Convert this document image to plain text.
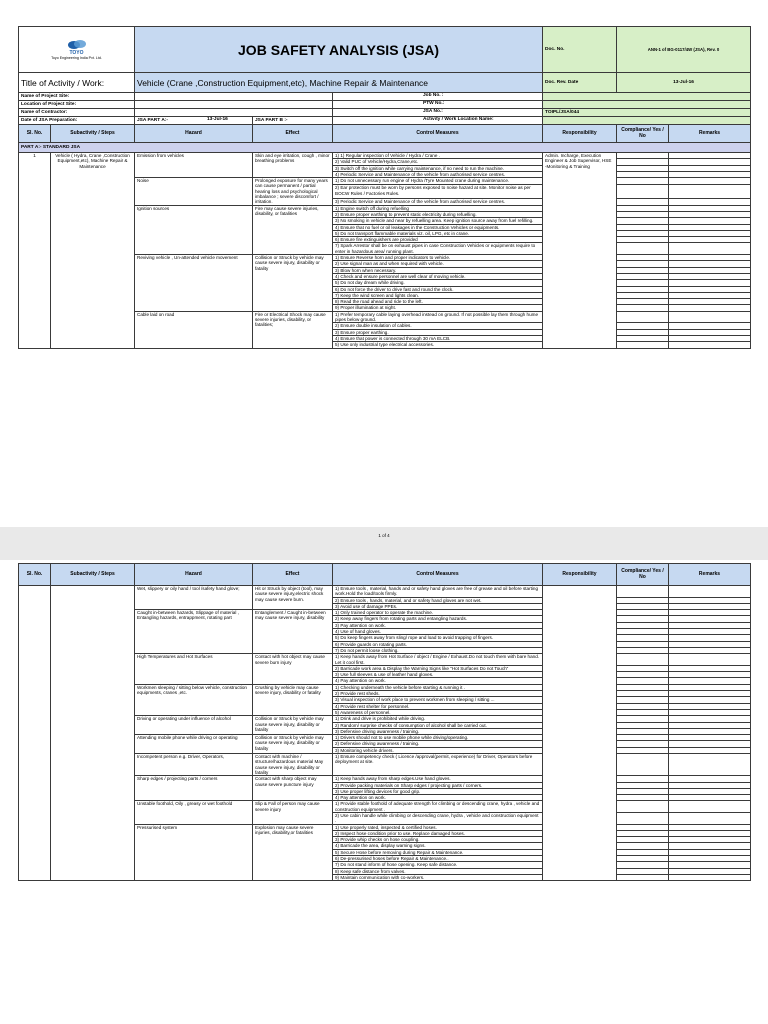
TOYO
Toyo Engineering India Pvt. Ltd.		JOB SAFETY ANALYSIS (JSA)			Doc. No.	ANN-1 of BG-0117/4W (JSA), Rev. 0	
Title of Activity / Work:		Vehicle (Crane ,Construction Equipment,etc), Machine Repair & Maintenance			Doc. Rev. Date	13-Jul-16	
Name of Project Site:				Job No. :			

Location of Project Site:				PTW No.:			

Name of Contractor:				JSA No.:	TOIPL/JSA/044		
Date of JSA Preparation:		JSA PART A:- 13-Jul-16	JSA PART B :-	Activity / Work Location Name:			

Sl. No.	Subactivity / Steps	Hazard	Effect	Control Measures	Responsibility	Compliance/ Yes / No	Remarks
PART A:- STANDARD JSA							
1	Vehicle ( Hydra, Crane ,Construction Equipment,etc), Machine Repair & Maintenance	Emission from vehicles	Skin and eye irritation, cough , minor breathing problems	1) 1) Regular inspection of Vehicle / Hydra / Crane .	Admin. Incharge, Execution Engineer & Job Supervisor, HSE -Monitoring & Training		
				2) Valid PUC of Vehicle/Hydra,Crane,etc.			
				3) Switch off the ignition while carrying maintenance, if no need to run the machine.			
				4) Periodic Service and Maintenance of the vehicle from authorised service centres.			
		Noise	Prolonged exposure for many years can cause permanent / partial hearing loss and psychological imbalance ; severe discomfort / irritation.	1) Do not unnecessary run engine of Hydra /Tyre Mounted crane during maintenance.			
				2) Ear protection must be worn by persons exposed to noise hazard at site. Monitor noise as per BOCW Rules / Factories Rules.			
				3) Periodic Service and Maintenance of the vehicle from authorised service centres.			
		Ignition sources	Fire may cause severe injuries, disability, or fatalities	1) Engine switch off during refuelling			
				2) Ensure proper earthing to prevent static electricity during refuelling.			
				3) No smoking in vehicle and near by refuelling area. Keep ignition source away from fuel refilling.			
				4) Ensure that no fuel or oil leakages in the Construction Vehicles or equipments.			
				5) Do not transport flammable materials viz. oil, LPG, etc in crane.			
				6) Ensure fire extinguishers are provided			
				7) Spark Arrestor shall be on exhaust pipes in case Construction Vehicles or equipments require to enter in hazardous area/ running plant.			
		Reviving vehicle , Un-attended vehicle movement	Collision or Struck by vehicle may cause severe injury, disability or fatality	1) Ensure Reverse horn and proper indicators to vehicle.			
				2) Use signal man as and when required with vehicle.			
				3) Blow horn when necessary.			
				4) Check and ensure personnel are well clear of moving vehicle.			
				5) Do not day dream while driving.			
				6) Do not force the driver to drive fast and round the clock.			
				7) Keep the wind screen and lights clean.			
				8) Read the road ahead and ride to the left.			
				9) Proper illumination at night.			
		Cable laid on road	Fire or Electrical Shock may cause severe injuries, disability, or fatalities;	1) Prefer temporary cable laying overhead instead on ground. If not possible lay them through hume pipes below ground.			
				2) Ensure double insulation of cables.			
				3) Ensure proper earthing.			
				4) Ensure that power is connected through 30 mA ELCB.			
				5) Use only industrial type electrical accessories.			
1 of 4
Sl. No.	Subactivity / Steps	Hazard	Effect	Control Measures	Responsibility	Compliance/ Yes / No	Remarks
		Wet, slippery or oily hand / tool /safety hand glove;	Hit or Struck by object (tool), may cause severe injury,electric shock may cause severe burn.	1) Ensure tools , material, hands and or safety hand gloves are free of grease and oil before starting work.Hold the load/tools firmly.			
				2) Ensure tools , hands, material, and or safety hand gloves are not wet.			
				3) Avoid use of damage PPEs.			
		Caught in-between hazards, Slippage of material , Entangling hazards, entrappment, rotating part	Entanglement / Caught in-between may cause severe injury, disability	1) Only trained operator to operate the machine.			
				2) Keep away fingers from rotating parts and entangling hazards.			
				3) Pay attention on work.			
				4) Use of hand gloves.			
				5) Do keep fingers away from sling/ rope and load to avoid trapping of fingers.			
				6) Provide guards on rotating parts.			
				7) Do not permit loose clothing.			
		High Temperatures and Hot Surfaces	Contact with hot object may cause severe burn injury	1) Keep hands away from Hot Surface / object / Engine / Exhaust.Do not touch them with bare hand. Let it cool first.			
				2) Barricade work area & Display the Warning Signs like "Hot Surfaces Do not Touch"			
				3) Use full sleeves & use of leather hand gloves.			
				4) Pay attention on work.			
		Workmen sleeping / sitting below vehicle, construction equipments, cranes ,etc.	Crushing by vehicle may cause severe injury, disability or fatality	1) Checking underneath the vehicle before starting & running it .			
				2) Provide rest sheds.			
				3) Visual inspection of work place to prevent workmen from sleeping / sitting ...			
				4) Provide rest shelter for personnel.			
				5) Awareness of personnel.			
		Driving or operating under influence of alcohol	Collision or Struck by vehicle may cause severe injury, disability or fatality	1) Drink and drive is prohibited while driving.			
				2) Random/ surprise checks of consumption of alcohol shall be carried out.			
				3) Defensive driving awareness / training.			
		Attending mobile phone while driving or operating	Collision or Struck by vehicle may cause severe injury, disability or fatality	1) Drivers should not to use mobile phone while driving/operating.			
				2) Defensive driving awareness / training.			
				3) Monitoring vehicle drivers.			
		Incompetent person e.g. Driver, Operators,	Contact with machine / structure/hazardous material May cause severe injury, disability or fatality	1) Ensure competency check ( Licence /approval(permit, experience) for Driver, Operators before deployment at site.			
		Sharp edges / projecting parts / corners	Contact with sharp object may cause severe puncture injury	1) Keep hands away from sharp edges.Use hand gloves.			
				2) Provide packing materials on Sharp edges / projecting parts / corners.			
				3) Use proper lifting devices for good grip.			
				4) Pay attention on work.			
		Unstable foothold, Oily , greasy or wet foothold	Slip & Fall of person may cause severe injury	1) Provide stable foothold of adequate strength for climbing or descending crane, hydra , vehicle and construction equipment .			
				2) Use cabin handle while climbing or descending crane, hydra , vehicle and construction equipment .			
		Pressurised system	Explosion may cause severe injuries, disability,or fatalities	1) Use properly rated, inspected & certified hoses.			
				2) Inspect hose condition prior to use. Replace damaged hoses.			
				3) Provide whip checks on hose coupling.			
				4) Barricade the area, display warning signs.			
				5) Secure Hose before removing during Repair & Maintenance.			
				6) De-pressurised hoses before Repair & Maintenance..			
				7) Do not stand inform of hose opening. Keep safe distance.			
				8) Keep safe distance from valves.			
				9) Maintain communication with co-workers.			
